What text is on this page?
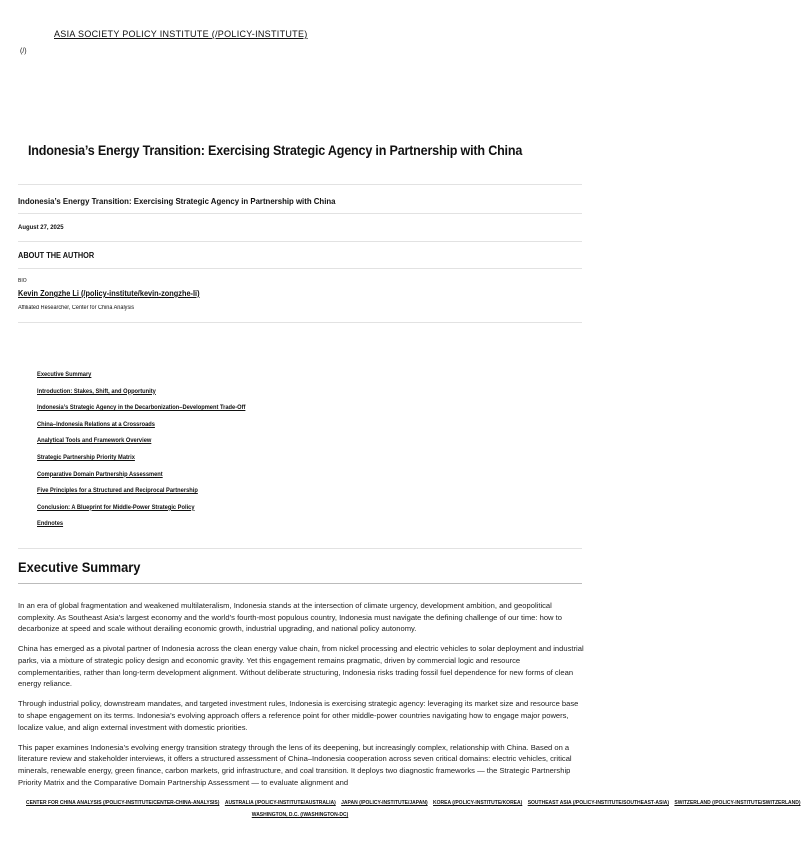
ASIA SOCIETY POLICY INSTITUTE (/POLICY-INSTITUTE)
(/)
Indonesia’s Energy Transition: Exercising Strategic Agency in Partnership with China
Indonesia’s Energy Transition: Exercising Strategic Agency in Partnership with China
August 27, 2025
ABOUT THE AUTHOR
BIO
Kevin Zongzhe Li (/policy-institute/kevin-zongzhe-li)
Affiliated Researcher, Center for China Analysis
Executive Summary
Introduction: Stakes, Shift, and Opportunity
Indonesia’s Strategic Agency in the Decarbonization–Development Trade-Off
China–Indonesia Relations at a Crossroads
Analytical Tools and Framework Overview
Strategic Partnership Priority Matrix
Comparative Domain Partnership Assessment
Five Principles for a Structured and Reciprocal Partnership
Conclusion: A Blueprint for Middle-Power Strategic Policy
Endnotes
Executive Summary

In an era of global fragmentation and weakened multilateralism, Indonesia stands at the intersection of climate urgency, development ambition, and geopolitical complexity. As Southeast Asia’s largest economy and the world’s fourth-most populous country, Indonesia must navigate the defining challenge of our time: how to decarbonize at speed and scale without derailing economic growth, industrial upgrading, and national policy autonomy.

China has emerged as a pivotal partner of Indonesia across the clean energy value chain, from nickel processing and electric vehicles to solar deployment and industrial parks, via a mixture of strategic policy design and economic gravity. Yet this engagement remains pragmatic, driven by commercial logic and resource complementarities, rather than long-term development alignment. Without deliberate structuring, Indonesia risks trading fossil fuel dependence for new forms of clean energy reliance.

Through industrial policy, downstream mandates, and targeted investment rules, Indonesia is exercising strategic agency: leveraging its market size and resource base to shape engagement on its terms. Indonesia’s evolving approach offers a reference point for other middle-power countries navigating how to engage major powers, localize value, and align external investment with domestic priorities.

This paper examines Indonesia’s evolving energy transition strategy through the lens of its deepening, but increasingly complex, relationship with China. Based on a literature review and stakeholder interviews, it offers a structured assessment of China–Indonesia cooperation across seven critical domains: electric vehicles, critical minerals, renewable energy, green finance, carbon markets, grid infrastructure, and coal transition. It deploys two diagnostic frameworks — the Strategic Partnership Priority Matrix and the Comparative Domain Partnership Assessment — to evaluate alignment and

CENTER FOR CHINA ANALYSIS (/POLICY-INSTITUTE/CENTER-CHINA-ANALYSIS) AUSTRALIA (/POLICY-INSTITUTE/AUSTRALIA) JAPAN (/POLICY-INSTITUTE/JAPAN) KOREA (/POLICY-INSTITUTE/KOREA) SOUTHEAST ASIA (/POLICY-INSTITUTE/SOUTHEAST-ASIA) SWITZERLAND (/POLICY-INSTITUTE/SWITZERLAND)
WASHINGTON, D.C. (/WASHINGTON-DC)
